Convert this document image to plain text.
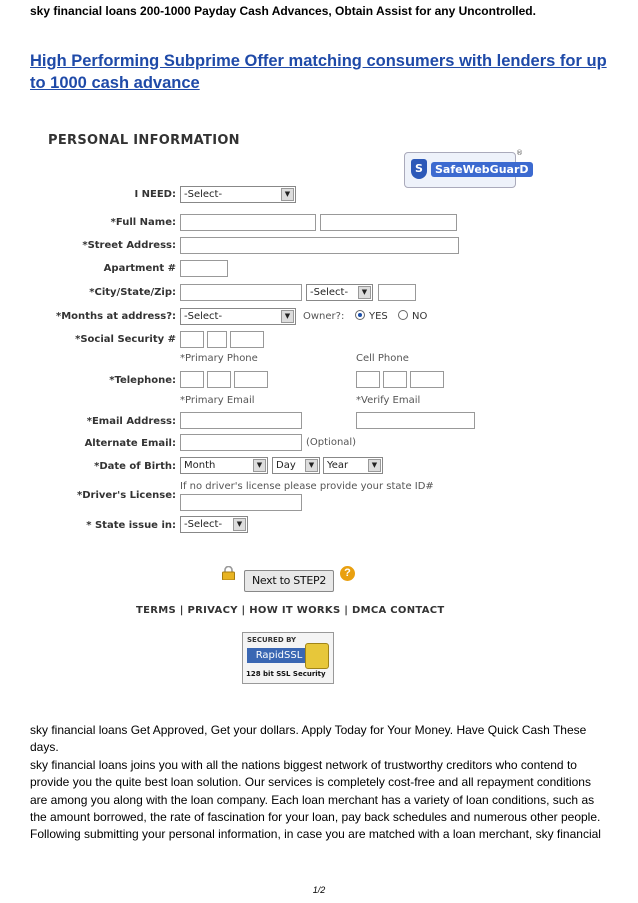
sky financial loans 200-1000 Payday Cash Advances, Obtain Assist for any Uncontrolled.
High Performing Subprime Offer matching consumers with lenders for up to 1000 cash advance
PERSONAL INFORMATION
S	SafeWebGuarD
®
I NEED: -Select-	▼
*Full Name:
*Street Address:
Apartment #
*City/State/Zip:	-Select-	▼
*Months at address?: -Select-	▼	Owner?: YES NO
*Social Security #
*Primary Phone	Cell Phone
*Telephone:
*Primary Email	*Verify Email
*Email Address:
Alternate Email:	(Optional)
*Date of Birth: Month	▼	Day	▼	Year	▼
If no driver's license please provide your state ID#
*Driver's License:
* State issue in: -Select-	▼
Next to STEP2
?
TERMS | PRIVACY | HOW IT WORKS | DMCA CONTACT
SECURED BY
RapidSSL
128 bit SSL Security

sky financial loans Get Approved, Get your dollars. Apply Today for Your Money. Have Quick Cash These days.

sky financial loans joins you with all the nations biggest network of trustworthy creditors who contend to provide you the quite best loan solution. Our services is completely cost-free and all repayment conditions are among you along with the loan company. Each loan merchant has a variety of loan conditions, such as the amount borrowed, the rate of fascination for your loan, pay back schedules and numerous other people. Following submitting your personal information, in case you are matched with a loan merchant, sky financial

1/2
